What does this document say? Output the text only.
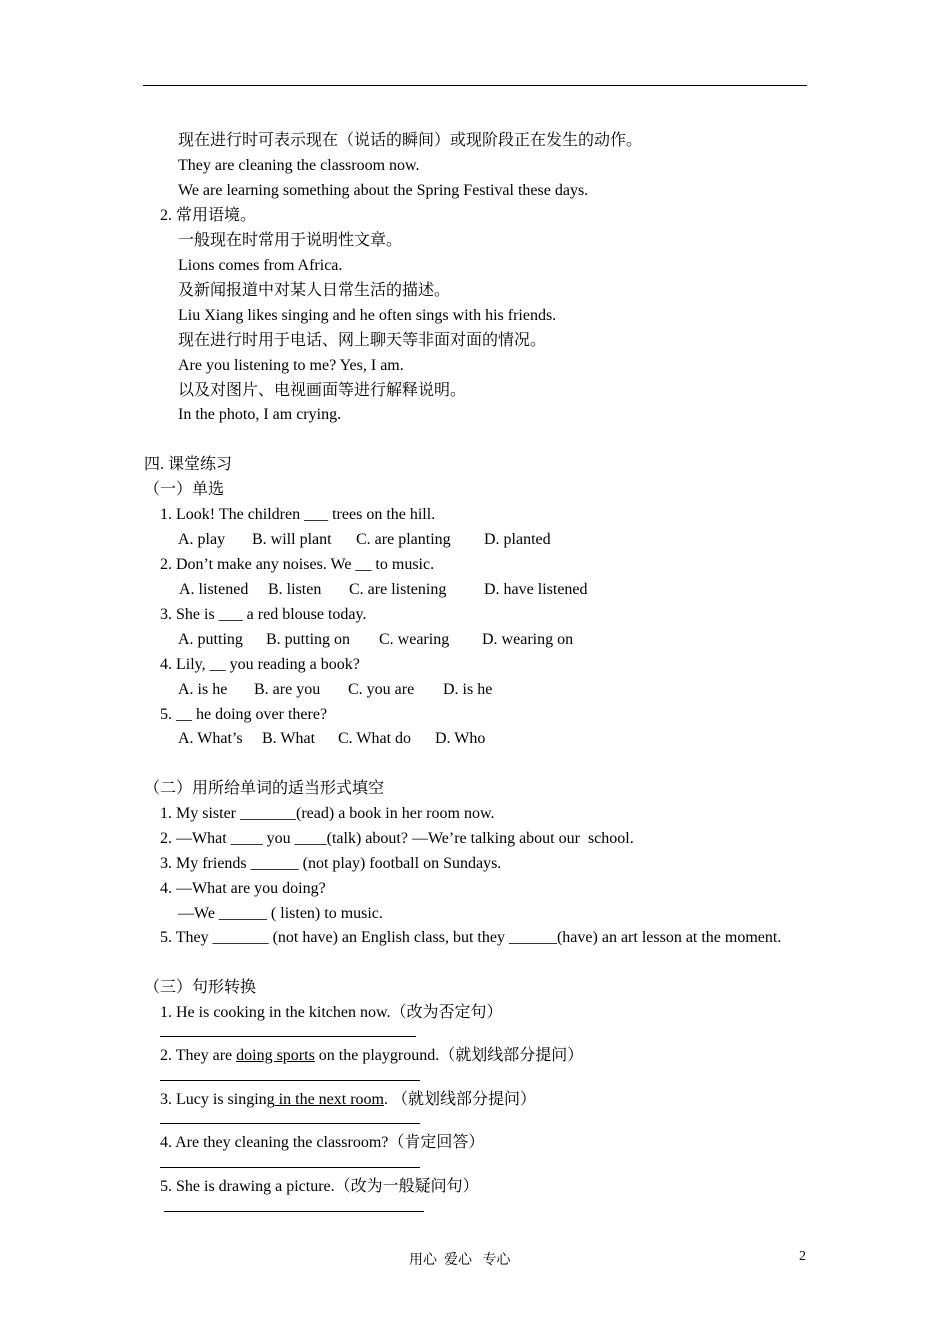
现在进行时可表示现在（说话的瞬间）或现阶段正在发生的动作。
They are cleaning the classroom now.
We are learning something about the Spring Festival these days.
2. 常用语境。
一般现在时常用于说明性文章。
Lions comes from Africa.
及新闻报道中对某人日常生活的描述。
Liu Xiang likes singing and he often sings with his friends.
现在进行时用于电话、网上聊天等非面对面的情况。
Are you listening to me? Yes, I am.
以及对图片、电视画面等进行解释说明。
In the photo, I am crying.
四. 课堂练习
（一）单选
1. Look! The children ___ trees on the hill.
A. play B. will plant C. are planting D. planted
2. Don’t make any noises. We __ to music.
A. listened B. listen C. are listening D. have listened
3. She is ___ a red blouse today.
A. putting B. putting on C. wearing D. wearing on
4. Lily, __ you reading a book?
A. is he B. are you C. you are D. is he
5. __ he doing over there?
A. What’s B. What C. What do D. Who
（二）用所给单词的适当形式填空
1. My sister _______(read) a book in her room now.
2. —What ____ you ____(talk) about? —We’re talking about our  school.
3. My friends ______ (not play) football on Sundays.
4. —What are you doing?
—We ______ ( listen) to music.
5. They _______ (not have) an English class, but they ______(have) an art lesson at the moment.
（三）句形转换
1. He is cooking in the kitchen now.（改为否定句）
2. They are doing sports on the playground.（就划线部分提问）
3. Lucy is singing in the next room. （就划线部分提问）
4. Are they cleaning the classroom?（肯定回答）
5. She is drawing a picture.（改为一般疑问句）
用心  爱心   专心	2
